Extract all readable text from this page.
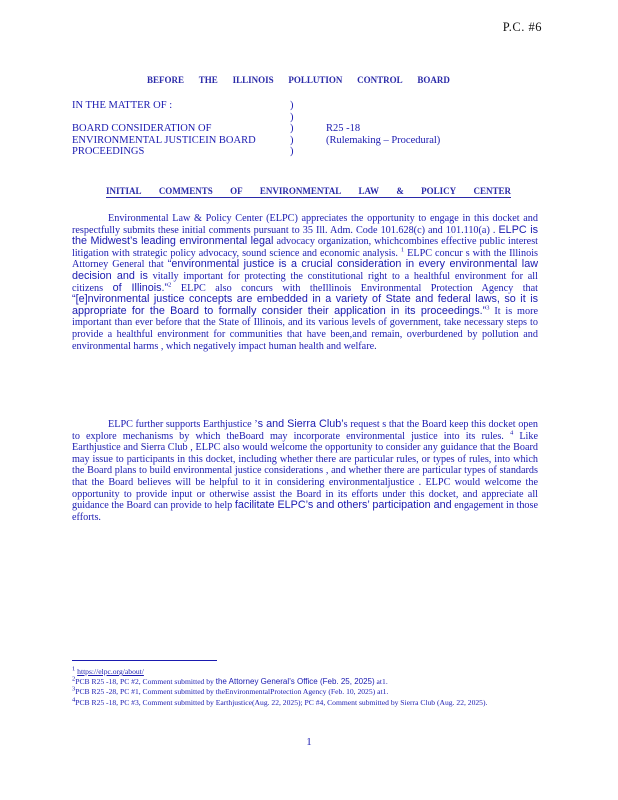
P.C. #6
BEFORE THE ILLINOIS POLLUTION CONTROL BOARD
IN THE MATTER OF :	)
)
BOARD CONSIDERATION OF	)	R25 -18
ENVIRONMENTAL JUSTICEIN BOARD	)	(Rulemaking – Procedural)
PROCEEDINGS	)
INITIAL COMMENTS OF ENVIRONMENTAL LAW & POLICY CENTER

Environmental Law & Policy Center (ELPC) appreciates the opportunity to engage in this docket and respectfully submits these initial comments pursuant to 35 Ill. Adm. Code 101.628(c) and 101.110(a) . ELPC is the Midwest’s leading environmental legal advocacy organization, whichcombines effective public interest litigation with strategic policy advocacy, sound science and economic analysis. $^1$ ELPC concur s with the Illinois Attorney General that “environmental justice is a crucial consideration in every environmental law decision and is vitally important for protecting the constitutional right to a healthful environment for all citizens of Illinois.”$^2$ ELPC also concurs with theIllinois Environmental Protection Agency that “[e]nvironmental justice concepts are embedded in a variety of State and federal laws, so it is appropriate for the Board to formally consider their application in its proceedings.”$^3$ It is more important than ever before that the State of Illinois, and its various levels of government, take necessary steps to provide a healthful environment for communities that have been,and remain, overburdened by pollution and environmental harms , which negatively impact human health and welfare.

ELPC further supports Earthjustice ’s and Sierra Club’s request s that the Board keep this docket open to explore mechanisms by which theBoard may incorporate environmental justice into its rules. $^4$ Like Earthjustice and Sierra Club , ELPC also would welcome the opportunity to consider any guidance that the Board may issue to participants in this docket, including whether there are particular rules, or types of rules, into which the Board plans to build environmental justice considerations , and whether there are particular types of standards that the Board believes will be helpful to it in considering environmentaljustice . ELPC would welcome the opportunity to provide input or otherwise assist the Board in its efforts under this docket, and appreciate all guidance the Board can provide to help facilitate ELPC’s and others’ participation and engagement in those efforts.

$^1$ https://elpc.org/about/
$^2$PCB R25 -18, PC #2, Comment submitted by the Attorney General’s Office (Feb. 25, 2025) at1.
$^3$PCB R25 -28, PC #1, Comment submitted by theEnvironmentalProtection Agency (Feb. 10, 2025) at1.
$^4$PCB R25 -18, PC #3, Comment submitted by Earthjustice(Aug. 22, 2025); PC #4, Comment submitted by Sierra Club (Aug. 22, 2025).
1
